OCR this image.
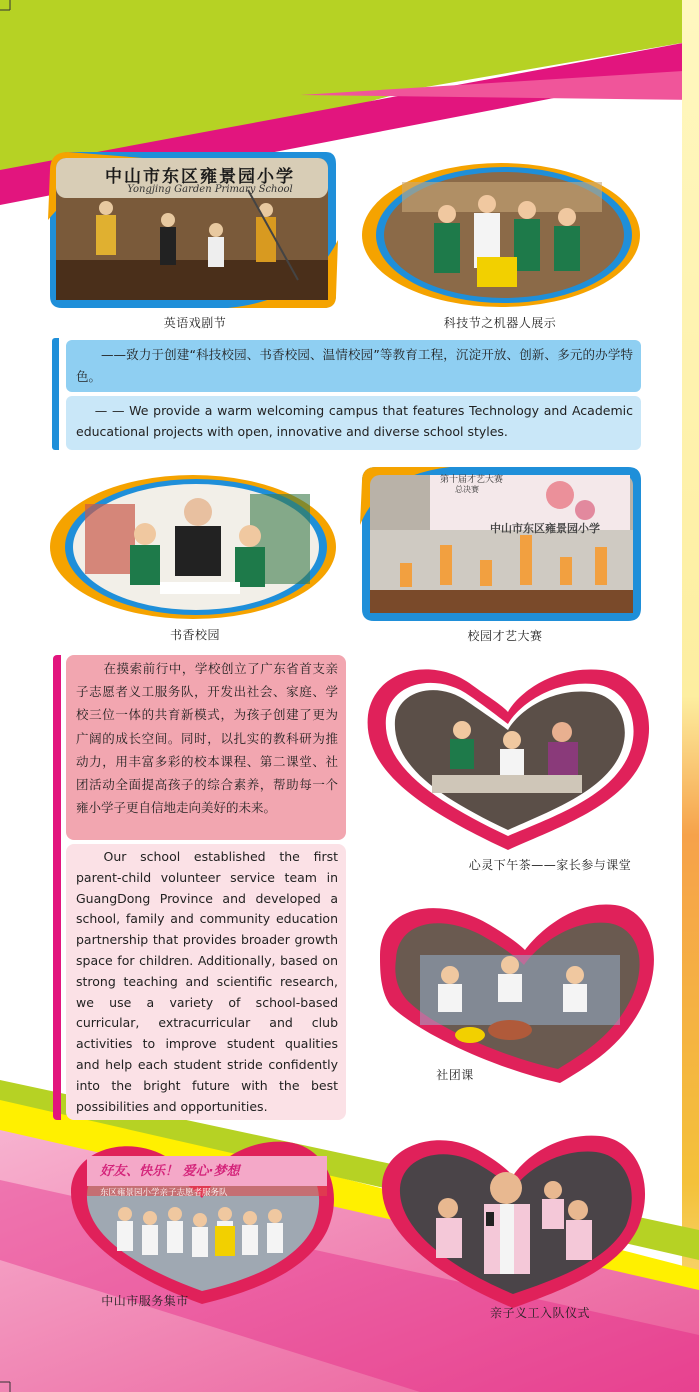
中山市东区雍景园小学
Yongjing Garden Primary School
英语戏剧节	科技节之机器人展示
——致力于创建“科技校园、书香校园、温情校园”等教育工程，沉淀开放、创新、多元的办学特色。
— — We provide a warm welcoming campus that features Technology and Academic educational projects with open, innovative and diverse school styles.
书香校园
第十届才艺大赛
总决赛
中山市东区雍景园小学
校园才艺大赛
在摸索前行中，学校创立了广东省首支亲子志愿者义工服务队，开发出社会、家庭、学校三位一体的共育新模式，为孩子创建了更为广阔的成长空间。同时，以扎实的教科研为推动力，用丰富多彩的校本课程、第二课堂、社团活动全面提高孩子的综合素养，帮助每一个雍小学子更自信地走向美好的未来。
Our school established the first parent-child volunteer service team in GuangDong Province and developed a school, family and community education partnership that provides broader growth space for children. Additionally, based on strong teaching and scientific research, we use a variety of school-based curricular, extracurricular and club activities to improve student qualities and help each student stride confidently into the bright future with the best possibilities and opportunities.
心灵下午茶——家长参与课堂
社团课
好友、快乐！ 爱心·梦想
东区雍景园小学亲子志愿者服务队
中山市服务集市
亲子义工入队仪式
